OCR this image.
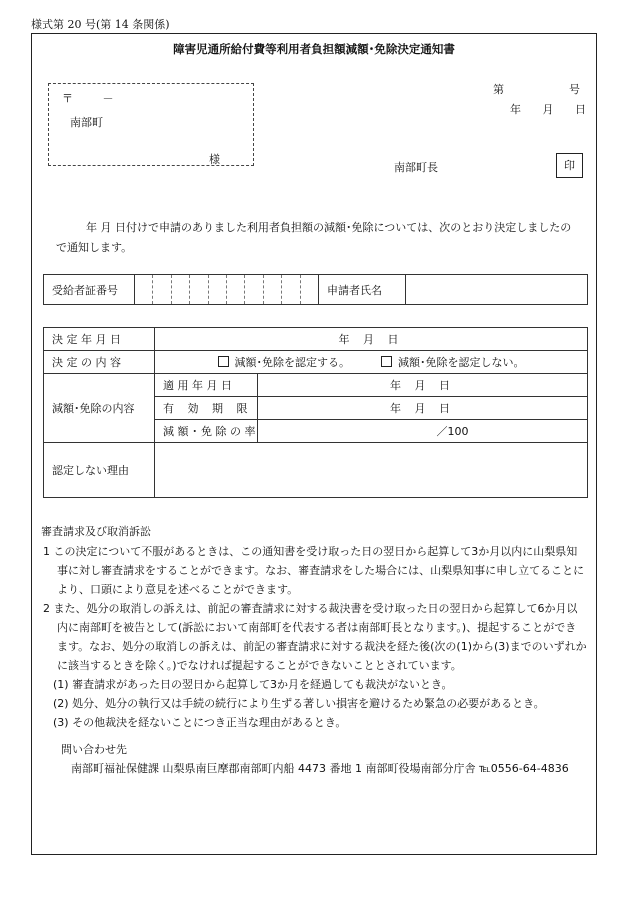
様式第 20 号(第 14 条関係)
障害児通所給付費等利用者負担額減額･免除決定通知書
〒	－
南部町
様
第	号
年 月 日
南部町長	印
年 月 日付けで申請のありました利用者負担額の減額･免除については、次のとおり決定しましたので通知します。
受給者証番号		申請者氏名	
決 定 年 月 日	年 月 日	
決 定 の 内 容	減額･免除を認定する。 減額･免除を認定しない。	
減額･免除の内容	適 用 年 月 日	年 月 日
	有 効 期 限	年 月 日
	減 額 ･ 免 除 の 率	／100
認定しない理由		
審査請求及び取消訴訟
1 この決定について不服があるときは、この通知書を受け取った日の翌日から起算して3か月以内に山梨県知事に対し審査請求をすることができます。なお、審査請求をした場合には、山梨県知事に申し立てることにより、口頭により意見を述べることができます。
2 また、処分の取消しの訴えは、前記の審査請求に対する裁決書を受け取った日の翌日から起算して6か月以内に南部町を被告として(訴訟において南部町を代表する者は南部町長となります。)、提起することができます。なお、処分の取消しの訴えは、前記の審査請求に対する裁決を経た後(次の(1)から(3)までのいずれかに該当するときを除く。)でなければ提起することができないこととされています。
(1) 審査請求があった日の翌日から起算して3か月を経過しても裁決がないとき。
(2) 処分、処分の執行又は手続の続行により生ずる著しい損害を避けるため緊急の必要があるとき。
(3) その他裁決を経ないことにつき正当な理由があるとき。
問い合わせ先
南部町福祉保健課 山梨県南巨摩郡南部町内船 4473 番地 1 南部町役場南部分庁舎 ℡0556-64-4836
